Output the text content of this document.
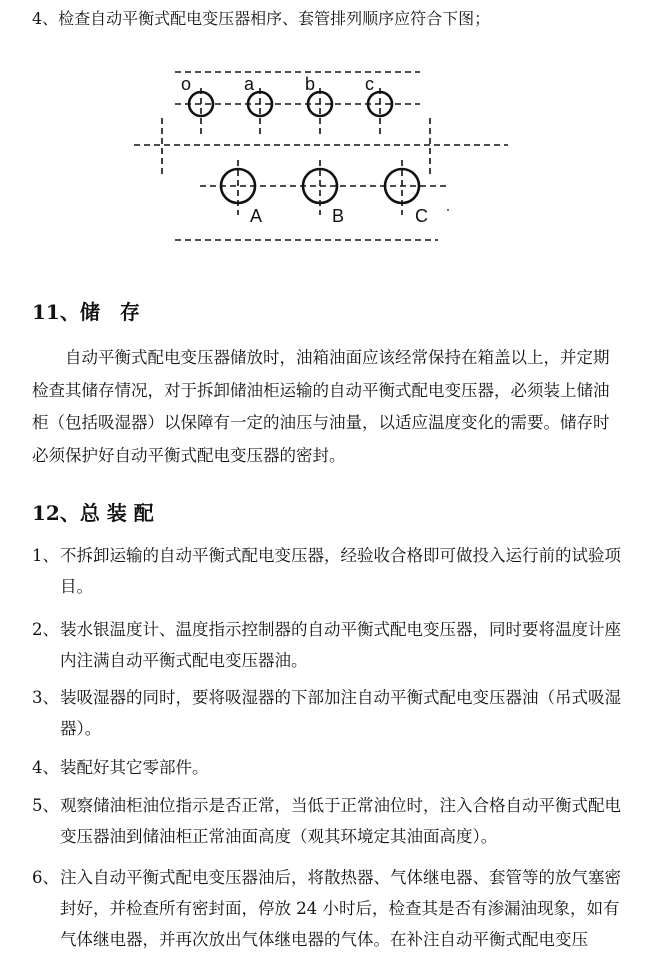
4、检查自动平衡式配电变压器相序、套管排列顺序应符合下图；
o	a	b	c
A	B	C
11、储　存

自动平衡式配电变压器储放时，油箱油面应该经常保持在箱盖以上，并定期检查其储存情况，对于拆卸储油柜运输的自动平衡式配电变压器，必须装上储油柜（包括吸湿器）以保障有一定的油压与油量，以适应温度变化的需要。储存时必须保护好自动平衡式配电变压器的密封。

12、总 装 配
1、 不拆卸运输的自动平衡式配电变压器，经验收合格即可做投入运行前的试验项目。
2、 装水银温度计、温度指示控制器的自动平衡式配电变压器，同时要将温度计座内注满自动平衡式配电变压器油。
3、 装吸湿器的同时，要将吸湿器的下部加注自动平衡式配电变压器油（吊式吸湿器）。
4、 装配好其它零部件。
5、 观察储油柜油位指示是否正常，当低于正常油位时，注入合格自动平衡式配电变压器油到储油柜正常油面高度（观其环境定其油面高度）。
6、 注入自动平衡式配电变压器油后，将散热器、气体继电器、套管等的放气塞密封好，并检查所有密封面，停放 24 小时后，检查其是否有渗漏油现象，如有气体继电器，并再次放出气体继电器的气体。在补注自动平衡式配电变压
